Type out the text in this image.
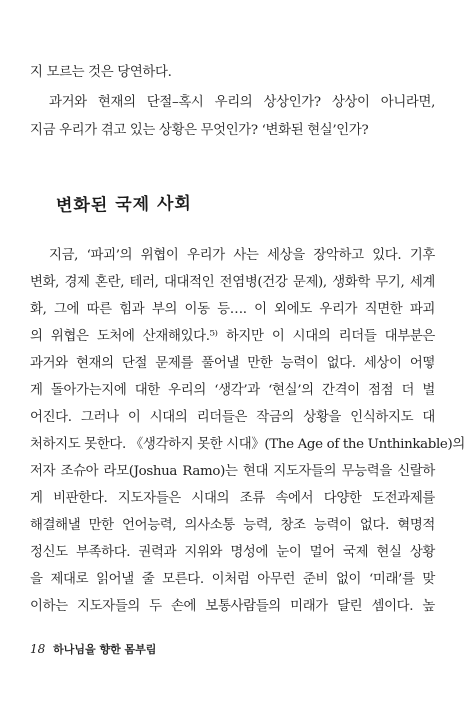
지 모르는 것은 당연하다.
과거와 현재의 단절–혹시 우리의 상상인가? 상상이 아니라면,
지금 우리가 겪고 있는 상황은 무엇인가? ‘변화된 현실’인가?
변화된 국제 사회
지금, ‘파괴’의 위협이 우리가 사는 세상을 장악하고 있다. 기후
변화, 경제 혼란, 테러, 대대적인 전염병(건강 문제), 생화학 무기, 세계
화, 그에 따른 힘과 부의 이동 등…. 이 외에도 우리가 직면한 파괴
의 위협은 도처에 산재해있다.⁵⁾ 하지만 이 시대의 리더들 대부분은
과거와 현재의 단절 문제를 풀어낼 만한 능력이 없다. 세상이 어떻
게 돌아가는지에 대한 우리의 ‘생각’과 ‘현실’의 간격이 점점 더 벌
어진다. 그러나 이 시대의 리더들은 작금의 상황을 인식하지도 대
처하지도 못한다. 《생각하지 못한 시대》(The Age of the Unthinkable)의
저자 조슈아 라모(Joshua Ramo)는 현대 지도자들의 무능력을 신랄하
게 비판한다. 지도자들은 시대의 조류 속에서 다양한 도전과제를
해결해낼 만한 언어능력, 의사소통 능력, 창조 능력이 없다. 혁명적
정신도 부족하다. 권력과 지위와 명성에 눈이 멀어 국제 현실 상황
을 제대로 읽어낼 줄 모른다. 이처럼 아무런 준비 없이 ‘미래’를 맞
이하는 지도자들의 두 손에 보통사람들의 미래가 달린 셈이다. 높
18 하나님을 향한 몸부림
